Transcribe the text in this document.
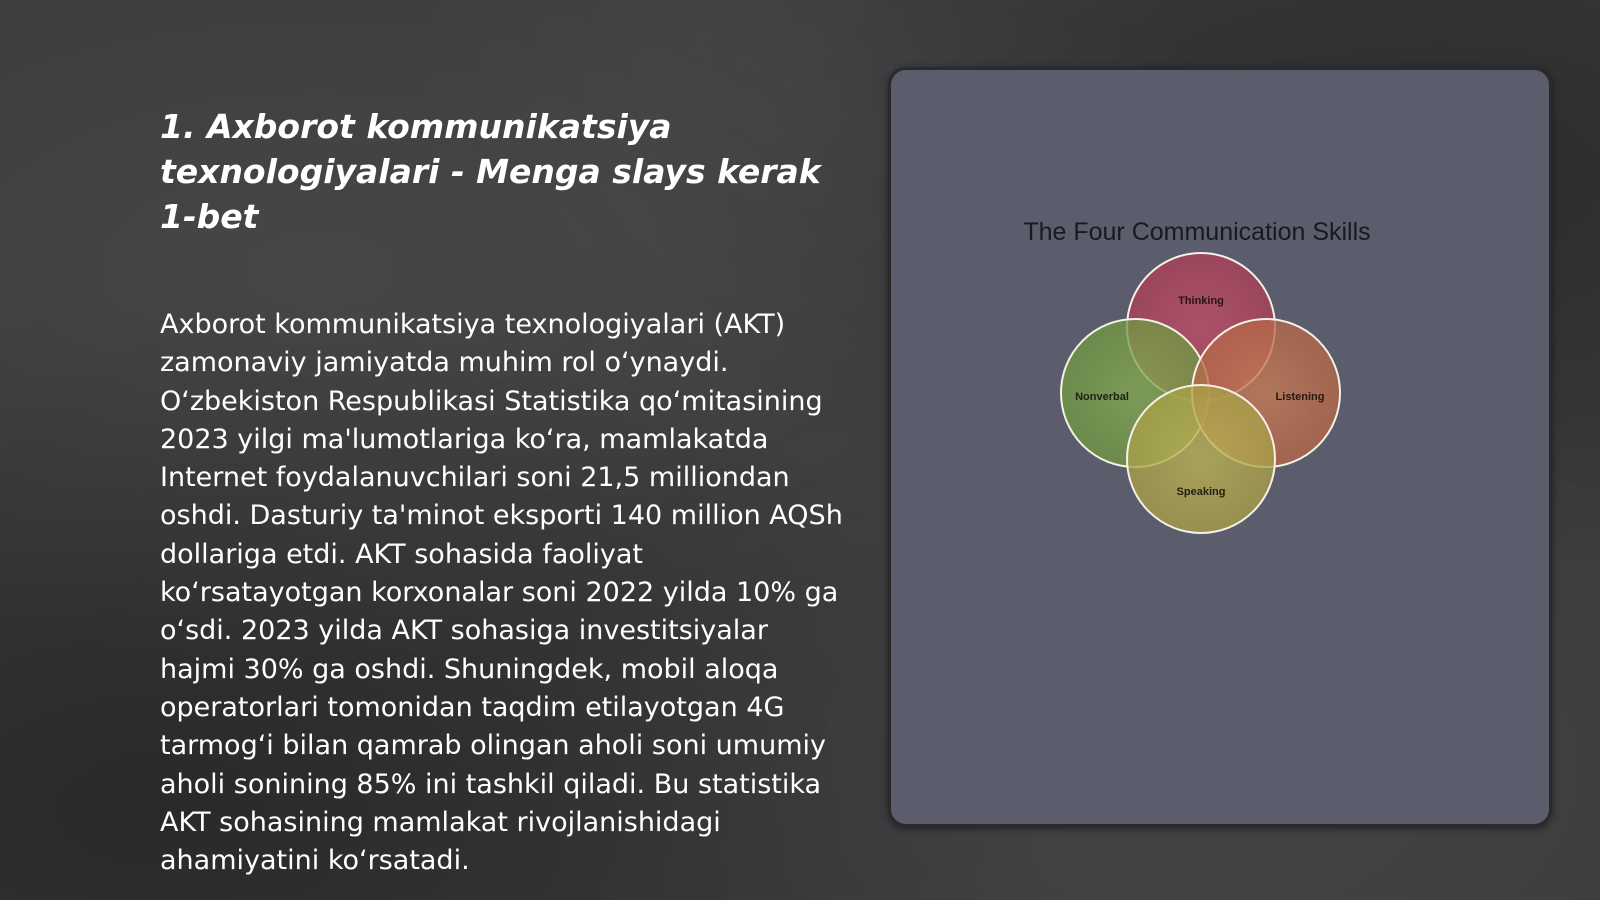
1. Axborot kommunikatsiya texnologiyalari - Menga slays kerak 1-bet

Axborot kommunikatsiya texnologiyalari (AKT) zamonaviy jamiyatda muhim rol o‘ynaydi. O‘zbekiston Respublikasi Statistika qo‘mitasining 2023 yilgi ma'lumotlariga ko‘ra, mamlakatda Internet foydalanuvchilari soni 21,5 milliondan oshdi. Dasturiy ta'minot eksporti 140 million AQSh dollariga etdi. AKT sohasida faoliyat ko‘rsatayotgan korxonalar soni 2022 yilda 10% ga o‘sdi. 2023 yilda AKT sohasiga investitsiyalar hajmi 30% ga oshdi. Shuningdek, mobil aloqa operatorlari tomonidan taqdim etilayotgan 4G tarmog‘i bilan qamrab olingan aholi soni umumiy aholi sonining 85% ini tashkil qiladi. Bu statistika AKT sohasining mamlakat rivojlanishidagi ahamiyatini ko‘rsatadi.

The Four Communication Skills
Thinking
Nonverbal	Listening
Speaking
